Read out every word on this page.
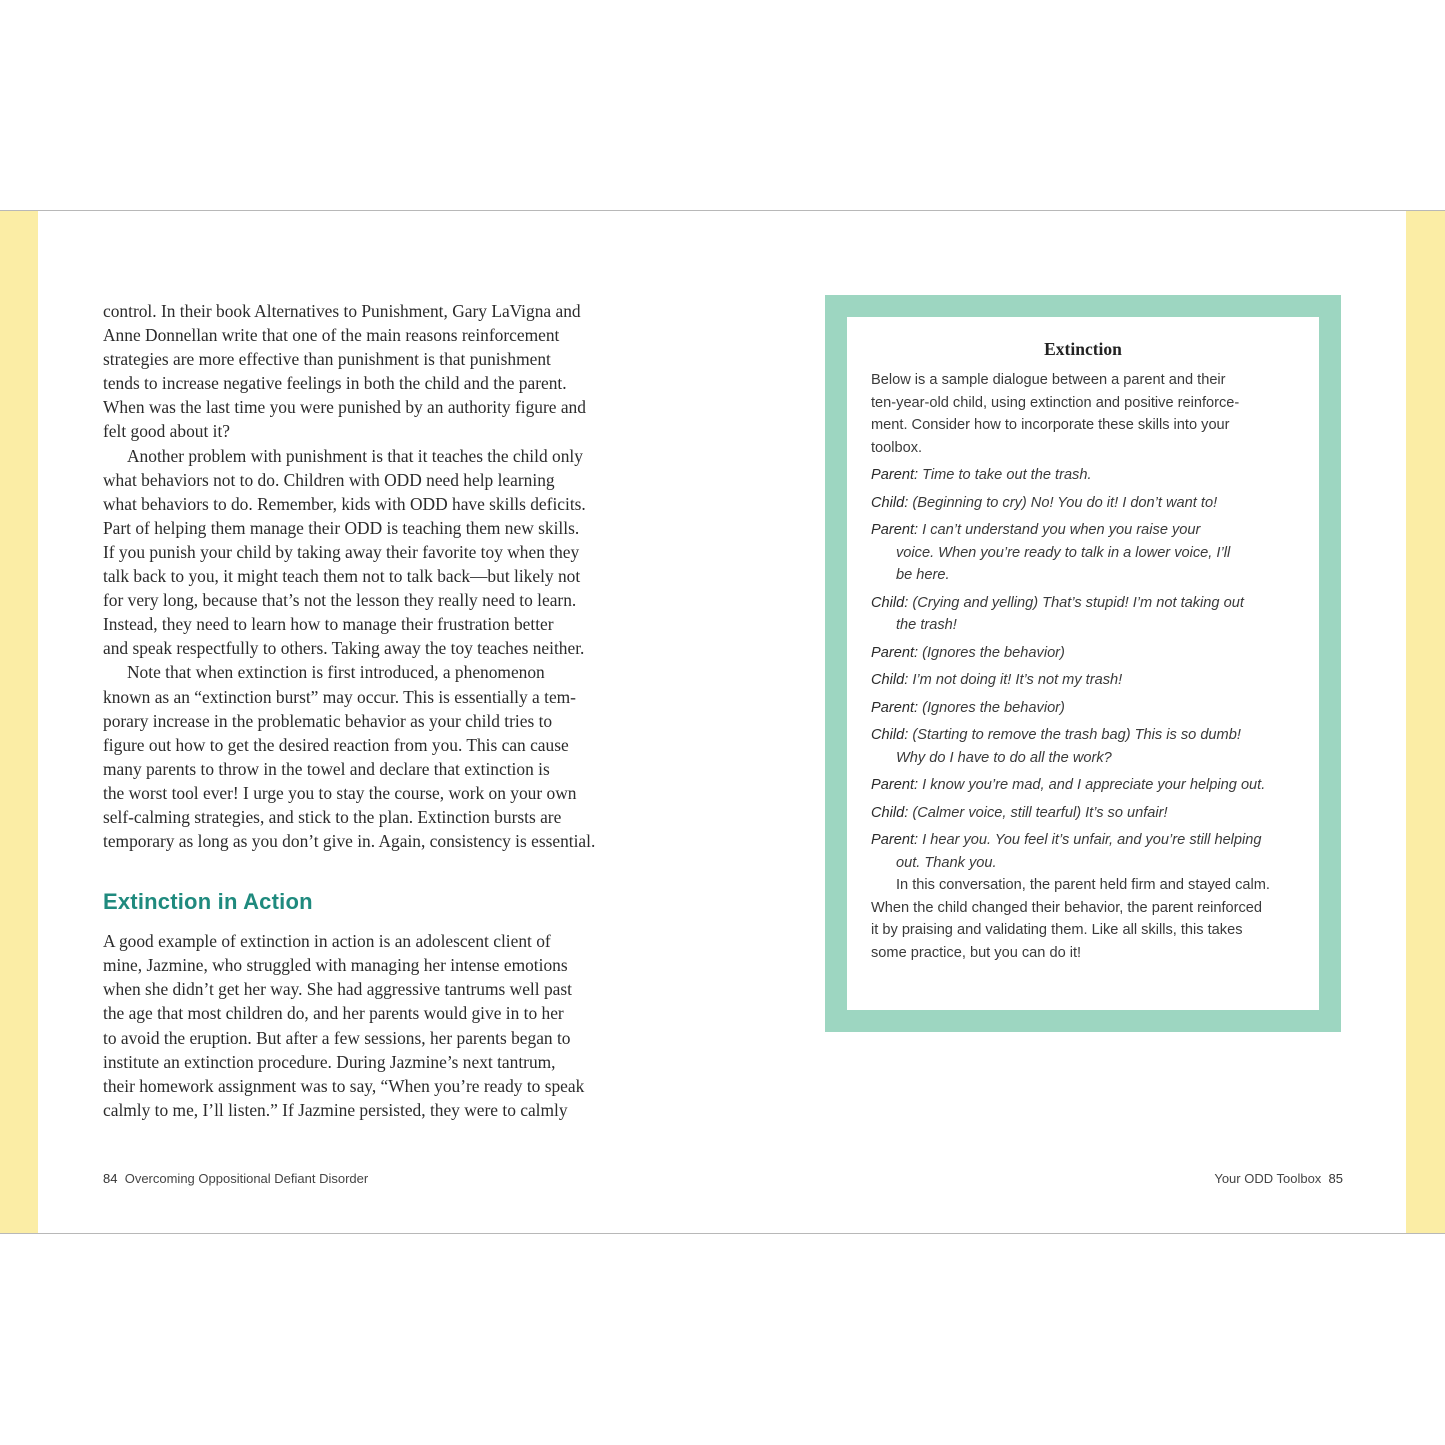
control. In their book Alternatives to Punishment, Gary LaVigna and
Anne Donnellan write that one of the main reasons reinforcement
strategies are more effective than punishment is that punishment
tends to increase negative feelings in both the child and the parent.
When was the last time you were punished by an authority figure and
felt good about it?

Another problem with punishment is that it teaches the child only
what behaviors not to do. Children with ODD need help learning
what behaviors to do. Remember, kids with ODD have skills deficits.
Part of helping them manage their ODD is teaching them new skills.
If you punish your child by taking away their favorite toy when they
talk back to you, it might teach them not to talk back—but likely not
for very long, because that’s not the lesson they really need to learn.
Instead, they need to learn how to manage their frustration better
and speak respectfully to others. Taking away the toy teaches neither.

Note that when extinction is first introduced, a phenomenon
known as an “extinction burst” may occur. This is essentially a tem-
porary increase in the problematic behavior as your child tries to
figure out how to get the desired reaction from you. This can cause
many parents to throw in the towel and declare that extinction is
the worst tool ever! I urge you to stay the course, work on your own
self-calming strategies, and stick to the plan. Extinction bursts are
temporary as long as you don’t give in. Again, consistency is essential.

Extinction in Action

A good example of extinction in action is an adolescent client of
mine, Jazmine, who struggled with managing her intense emotions
when she didn’t get her way. She had aggressive tantrums well past
the age that most children do, and her parents would give in to her
to avoid the eruption. But after a few sessions, her parents began to
institute an extinction procedure. During Jazmine’s next tantrum,
their homework assignment was to say, “When you’re ready to speak
calmly to me, I’ll listen.” If Jazmine persisted, they were to calmly

Extinction
Below is a sample dialogue between a parent and their
ten-year-old child, using extinction and positive reinforce-
ment. Consider how to incorporate these skills into your
toolbox.
Parent: Time to take out the trash.
Child: (Beginning to cry) No! You do it! I don’t want to!
Parent: I can’t understand you when you raise your
voice. When you’re ready to talk in a lower voice, I’ll
be here.
Child: (Crying and yelling) That’s stupid! I’m not taking out
the trash!
Parent: (Ignores the behavior)
Child: I’m not doing it! It’s not my trash!
Parent: (Ignores the behavior)
Child: (Starting to remove the trash bag) This is so dumb!
Why do I have to do all the work?
Parent: I know you’re mad, and I appreciate your helping out.
Child: (Calmer voice, still tearful) It’s so unfair!
Parent: I hear you. You feel it’s unfair, and you’re still helping
out. Thank you.
In this conversation, the parent held firm and stayed calm.
When the child changed their behavior, the parent reinforced
it by praising and validating them. Like all skills, this takes
some practice, but you can do it!
84 Overcoming Oppositional Defiant Disorder	Your ODD Toolbox 85
